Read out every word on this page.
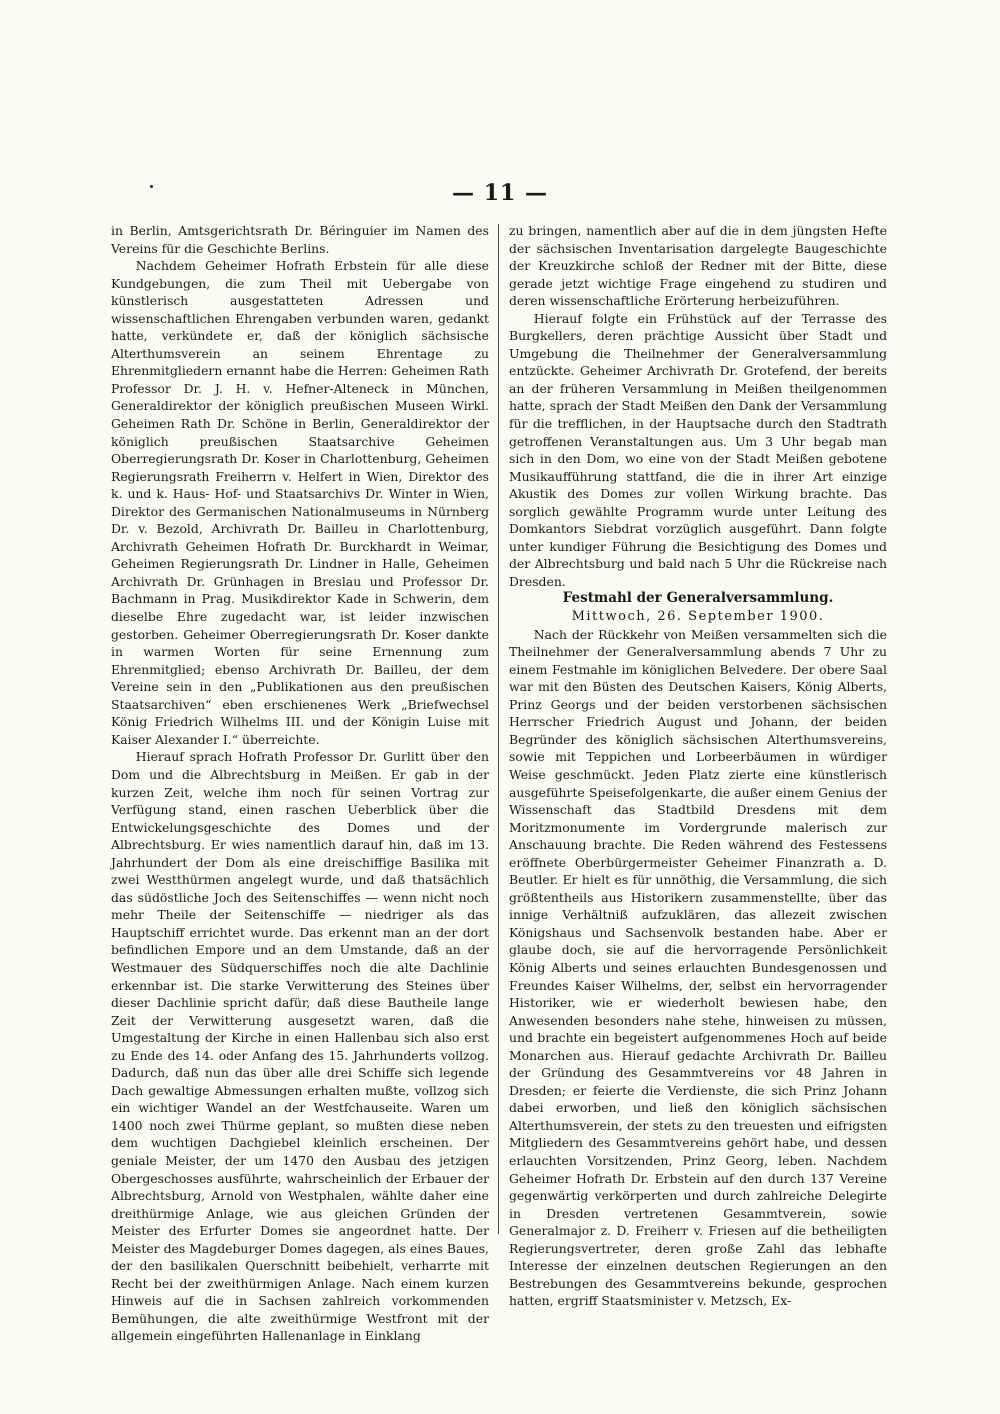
— 11 —

in Berlin, Amtsgerichtsrath Dr. Béringuier im Namen des Vereins für die Geschichte Berlins.

Nachdem Geheimer Hofrath Erbstein für alle diese Kundgebungen, die zum Theil mit Uebergabe von künstlerisch ausgestatteten Adressen und wissenschaftlichen Ehrengaben verbunden waren, gedankt hatte, verkündete er, daß der königlich sächsische Alterthumsverein an seinem Ehrentage zu Ehrenmitgliedern ernannt habe die Herren: Geheimen Rath Professor Dr. J. H. v. Hefner-Alteneck in München, Generaldirektor der königlich preußischen Museen Wirkl. Geheimen Rath Dr. Schöne in Berlin, Generaldirektor der königlich preußischen Staatsarchive Geheimen Oberregierungsrath Dr. Koser in Charlottenburg, Geheimen Regierungsrath Freiherrn v. Helfert in Wien, Direktor des k. und k. Haus- Hof- und Staatsarchivs Dr. Winter in Wien, Direktor des Germanischen Nationalmuseums in Nürnberg Dr. v. Bezold, Archivrath Dr. Bailleu in Charlottenburg, Archivrath Geheimen Hofrath Dr. Burckhardt in Weimar, Geheimen Regierungsrath Dr. Lindner in Halle, Geheimen Archivrath Dr. Grünhagen in Breslau und Professor Dr. Bachmann in Prag. Musikdirektor Kade in Schwerin, dem dieselbe Ehre zugedacht war, ist leider inzwischen gestorben. Geheimer Oberregierungsrath Dr. Koser dankte in warmen Worten für seine Ernennung zum Ehrenmitglied; ebenso Archivrath Dr. Bailleu, der dem Vereine sein in den „Publikationen aus den preußischen Staatsarchiven“ eben erschienenes Werk „Briefwechsel König Friedrich Wilhelms III. und der Königin Luise mit Kaiser Alexander I.“ überreichte.

Hierauf sprach Hofrath Professor Dr. Gurlitt über den Dom und die Albrechtsburg in Meißen. Er gab in der kurzen Zeit, welche ihm noch für seinen Vortrag zur Verfügung stand, einen raschen Ueberblick über die Entwickelungsgeschichte des Domes und der Albrechtsburg. Er wies namentlich darauf hin, daß im 13. Jahrhundert der Dom als eine dreischiffige Basilika mit zwei Westthürmen angelegt wurde, und daß thatsächlich das südöstliche Joch des Seitenschiffes — wenn nicht noch mehr Theile der Seitenschiffe — niedriger als das Hauptschiff errichtet wurde. Das erkennt man an der dort befindlichen Empore und an dem Umstande, daß an der Westmauer des Südquerschiffes noch die alte Dachlinie erkennbar ist. Die starke Verwitterung des Steines über dieser Dachlinie spricht dafür, daß diese Bautheile lange Zeit der Verwitterung ausgesetzt waren, daß die Umgestaltung der Kirche in einen Hallenbau sich also erst zu Ende des 14. oder Anfang des 15. Jahrhunderts vollzog. Dadurch, daß nun das über alle drei Schiffe sich legende Dach gewaltige Abmessungen erhalten mußte, vollzog sich ein wichtiger Wandel an der Westfchauseite. Waren um 1400 noch zwei Thürme geplant, so mußten diese neben dem wuchtigen Dachgiebel kleinlich erscheinen. Der geniale Meister, der um 1470 den Ausbau des jetzigen Obergeschosses ausführte, wahrscheinlich der Erbauer der Albrechtsburg, Arnold von Westphalen, wählte daher eine dreithürmige Anlage, wie aus gleichen Gründen der Meister des Erfurter Domes sie angeordnet hatte. Der Meister des Magdeburger Domes dagegen, als eines Baues, der den basilikalen Querschnitt beibehielt, verharrte mit Recht bei der zweithürmigen Anlage. Nach einem kurzen Hinweis auf die in Sachsen zahlreich vorkommenden Bemühungen, die alte zweithürmige Westfront mit der allgemein eingeführten Hallenanlage in Einklang

zu bringen, namentlich aber auf die in dem jüngsten Hefte der sächsischen Inventarisation dargelegte Baugeschichte der Kreuzkirche schloß der Redner mit der Bitte, diese gerade jetzt wichtige Frage eingehend zu studiren und deren wissenschaftliche Erörterung herbeizuführen.

Hierauf folgte ein Frühstück auf der Terrasse des Burgkellers, deren prächtige Aussicht über Stadt und Umgebung die Theilnehmer der Generalversammlung entzückte. Geheimer Archivrath Dr. Grotefend, der bereits an der früheren Versammlung in Meißen theilgenommen hatte, sprach der Stadt Meißen den Dank der Versammlung für die trefflichen, in der Hauptsache durch den Stadtrath getroffenen Veranstaltungen aus. Um 3 Uhr begab man sich in den Dom, wo eine von der Stadt Meißen gebotene Musikaufführung stattfand, die die in ihrer Art einzige Akustik des Domes zur vollen Wirkung brachte. Das sorglich gewählte Programm wurde unter Leitung des Domkantors Siebdrat vorzüglich ausgeführt. Dann folgte unter kundiger Führung die Besichtigung des Domes und der Albrechtsburg und bald nach 5 Uhr die Rückreise nach Dresden.

Festmahl der Generalversammlung.

Mittwoch, 26. September 1900.

Nach der Rückkehr von Meißen versammelten sich die Theilnehmer der Generalversammlung abends 7 Uhr zu einem Festmahle im königlichen Belvedere. Der obere Saal war mit den Büsten des Deutschen Kaisers, König Alberts, Prinz Georgs und der beiden verstorbenen sächsischen Herrscher Friedrich August und Johann, der beiden Begründer des königlich sächsischen Alterthumsvereins, sowie mit Teppichen und Lorbeerbäumen in würdiger Weise geschmückt. Jeden Platz zierte eine künstlerisch ausgeführte Speisefolgenkarte, die außer einem Genius der Wissenschaft das Stadtbild Dresdens mit dem Moritzmonumente im Vordergrunde malerisch zur Anschauung brachte. Die Reden während des Festessens eröffnete Oberbürgermeister Geheimer Finanzrath a. D. Beutler. Er hielt es für unnöthig, die Versammlung, die sich größtentheils aus Historikern zusammenstellte, über das innige Verhältniß aufzuklären, das allezeit zwischen Königshaus und Sachsenvolk bestanden habe. Aber er glaube doch, sie auf die hervorragende Persönlichkeit König Alberts und seines erlauchten Bundesgenossen und Freundes Kaiser Wilhelms, der, selbst ein hervorragender Historiker, wie er wiederholt bewiesen habe, den Anwesenden besonders nahe stehe, hinweisen zu müssen, und brachte ein begeistert aufgenommenes Hoch auf beide Monarchen aus. Hierauf gedachte Archivrath Dr. Bailleu der Gründung des Gesammtvereins vor 48 Jahren in Dresden; er feierte die Verdienste, die sich Prinz Johann dabei erworben, und ließ den königlich sächsischen Alterthumsverein, der stets zu den treuesten und eifrigsten Mitgliedern des Gesammtvereins gehört habe, und dessen erlauchten Vorsitzenden, Prinz Georg, leben. Nachdem Geheimer Hofrath Dr. Erbstein auf den durch 137 Vereine gegenwärtig verkörperten und durch zahlreiche Delegirte in Dresden vertretenen Gesammtverein, sowie Generalmajor z. D. Freiherr v. Friesen auf die betheiligten Regierungsvertreter, deren große Zahl das lebhafte Interesse der einzelnen deutschen Regierungen an den Bestrebungen des Gesammtvereins bekunde, gesprochen hatten, ergriff Staatsminister v. Metzsch, Ex-
